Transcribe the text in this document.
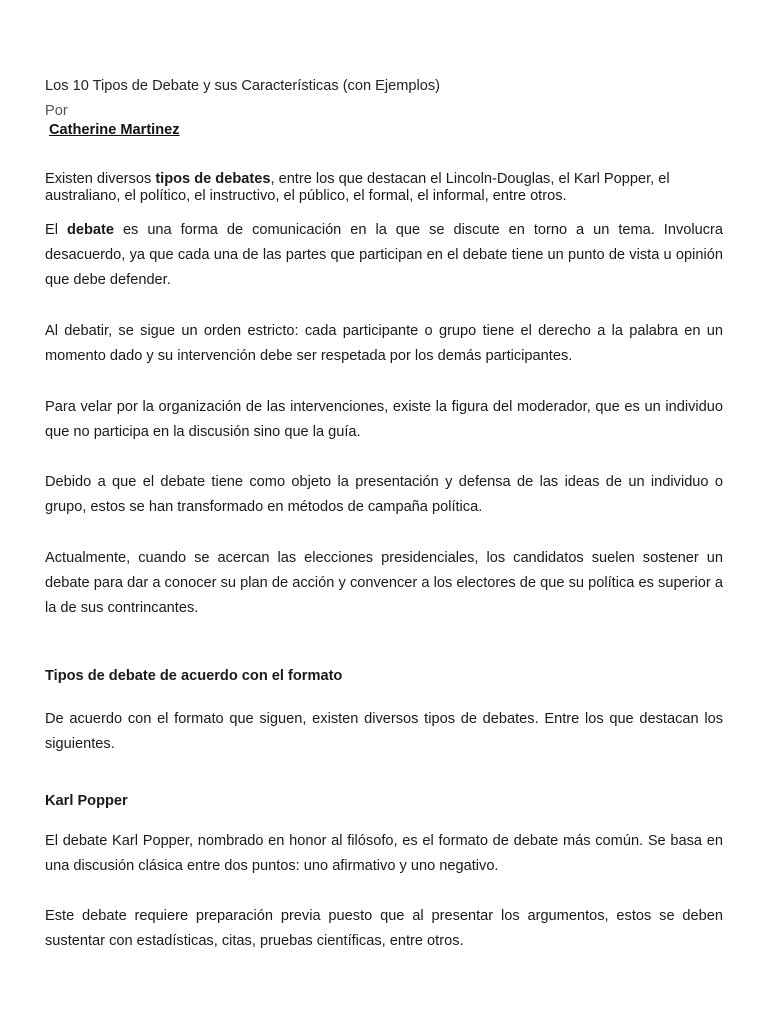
Los 10 Tipos de Debate y sus Características (con Ejemplos)
Por
Catherine Martinez
Existen diversos tipos de debates, entre los que destacan el Lincoln-Douglas, el Karl Popper, el australiano, el político, el instructivo, el público, el formal, el informal, entre otros.
El debate es una forma de comunicación en la que se discute en torno a un tema. Involucra desacuerdo, ya que cada una de las partes que participan en el debate tiene un punto de vista u opinión que debe defender.
Al debatir, se sigue un orden estricto: cada participante o grupo tiene el derecho a la palabra en un momento dado y su intervención debe ser respetada por los demás participantes.
Para velar por la organización de las intervenciones, existe la figura del moderador, que es un individuo que no participa en la discusión sino que la guía.
Debido a que el debate tiene como objeto la presentación y defensa de las ideas de un individuo o grupo, estos se han transformado en métodos de campaña política.
Actualmente, cuando se acercan las elecciones presidenciales, los candidatos suelen sostener un debate para dar a conocer su plan de acción y convencer a los electores de que su política es superior a la de sus contrincantes.
Tipos de debate de acuerdo con el formato
De acuerdo con el formato que siguen, existen diversos tipos de debates. Entre los que destacan los siguientes.
Karl Popper
El debate Karl Popper, nombrado en honor al filósofo, es el formato de debate más común. Se basa en una discusión clásica entre dos puntos: uno afirmativo y uno negativo.
Este debate requiere preparación previa puesto que al presentar los argumentos, estos se deben sustentar con estadísticas, citas, pruebas científicas, entre otros.
